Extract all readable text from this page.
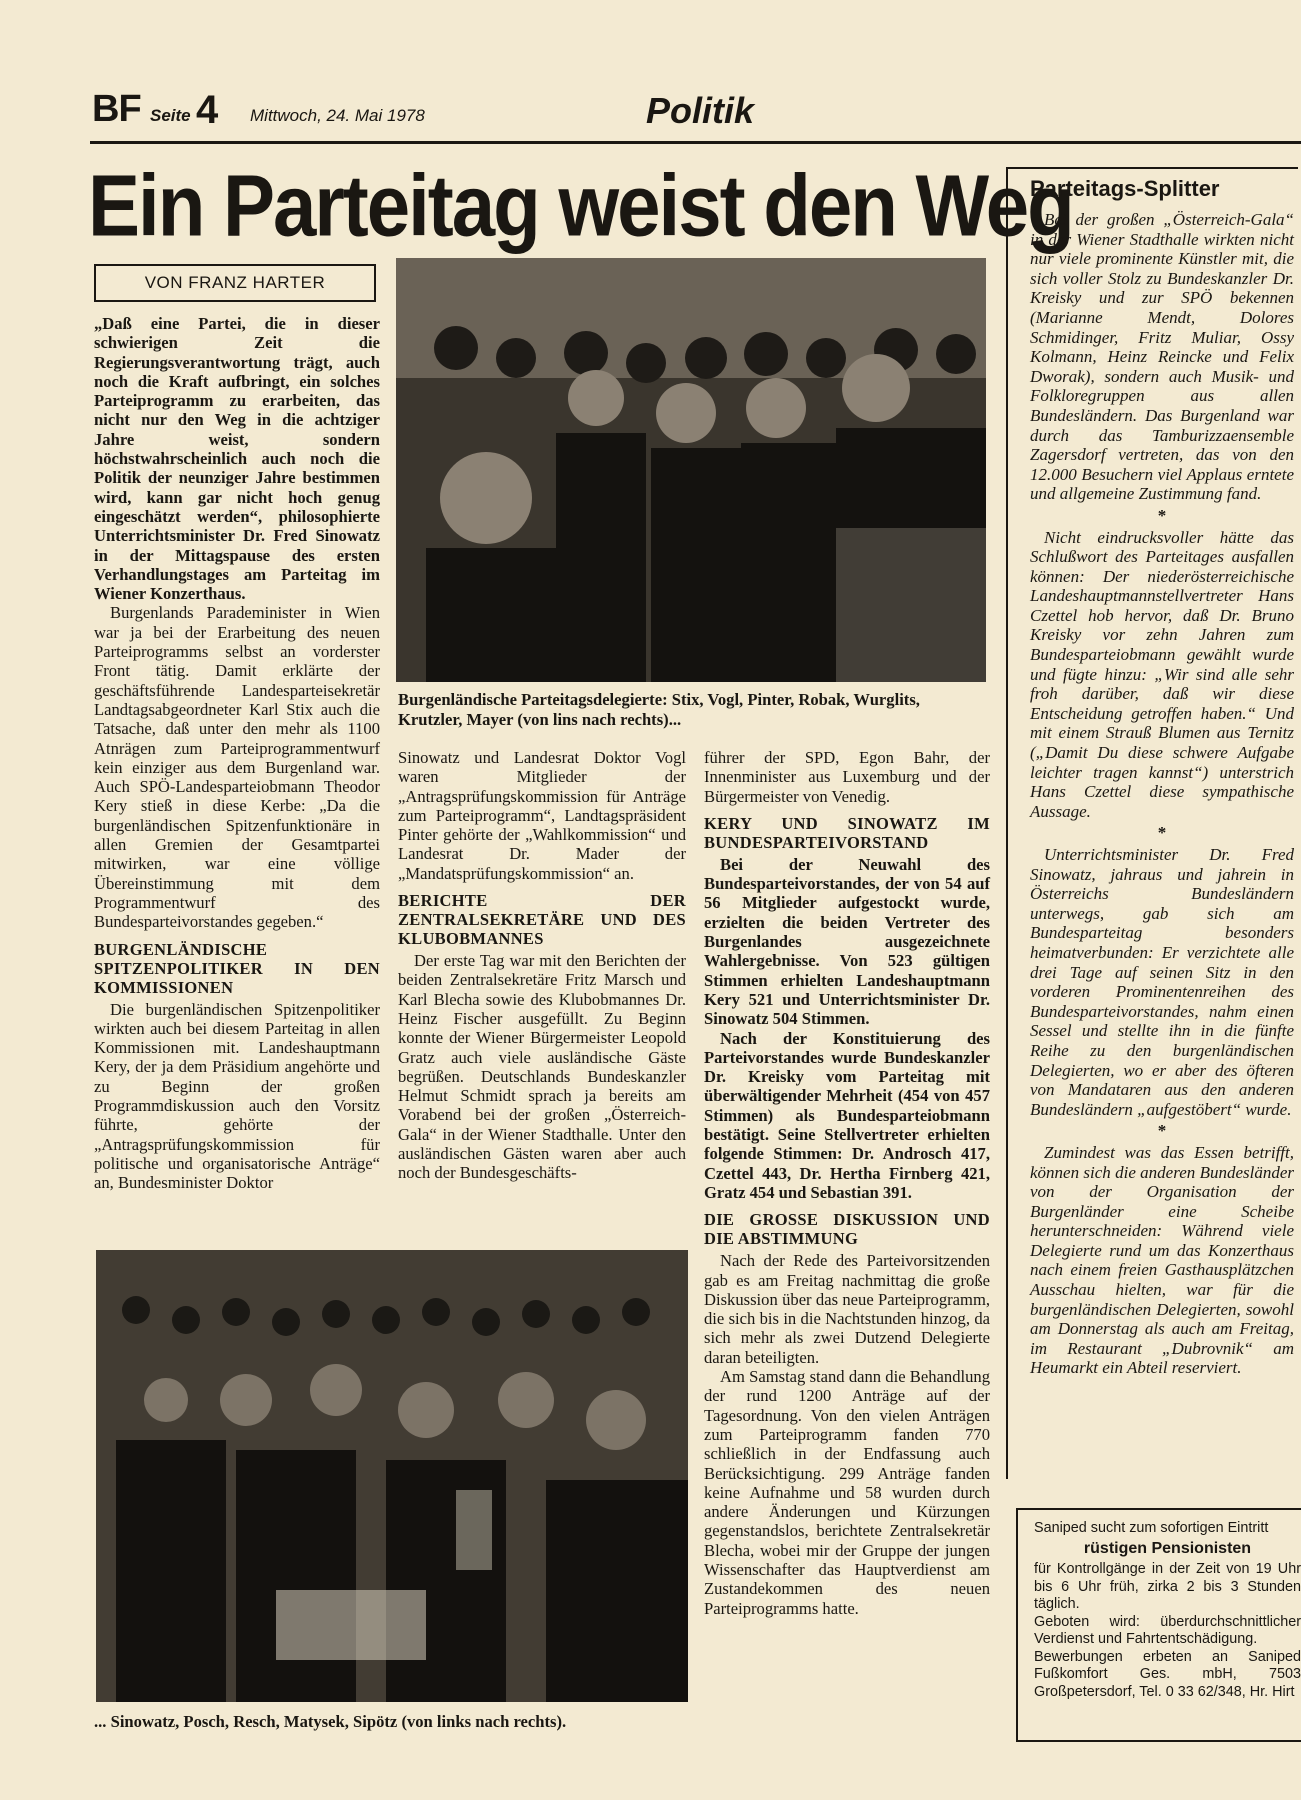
BF Seite 4 Mittwoch, 24. Mai 1978	Politik
Ein Parteitag weist den Weg
VON FRANZ HARTER

„Daß eine Partei, die in dieser schwierigen Zeit die Regierungsverantwortung trägt, auch noch die Kraft aufbringt, ein solches Parteiprogramm zu erarbeiten, das nicht nur den Weg in die achtziger Jahre weist, sondern höchstwahrscheinlich auch noch die Politik der neunziger Jahre bestimmen wird, kann gar nicht hoch genug eingeschätzt werden“, philosophierte Unterrichtsminister Dr. Fred Sinowatz in der Mittagspause des ersten Verhandlungstages am Parteitag im Wiener Konzerthaus.

Burgenlands Parademinister in Wien war ja bei der Erarbeitung des neuen Parteiprogramms selbst an vorderster Front tätig. Damit erklärte der geschäftsführende Landesparteisekretär Landtagsabgeordneter Karl Stix auch die Tatsache, daß unter den mehr als 1100 Atnrägen zum Parteiprogrammentwurf kein einziger aus dem Burgenland war. Auch SPÖ-Landesparteiobmann Theodor Kery stieß in diese Kerbe: „Da die burgenländischen Spitzenfunktionäre in allen Gremien der Gesamtpartei mitwirken, war eine völlige Übereinstimmung mit dem Programmentwurf des Bundesparteivorstandes gegeben.“

BURGENLÄNDISCHE SPITZENPOLITIKER IN DEN KOMMISSIONEN

Die burgenländischen Spitzenpolitiker wirkten auch bei diesem Parteitag in allen Kommissionen mit. Landeshauptmann Kery, der ja dem Präsidium angehörte und zu Beginn der großen Programmdiskussion auch den Vorsitz führte, gehörte der „Antragsprüfungskommission für politische und organisatorische Anträge“ an, Bundesminister Doktor

Burgenländische Parteitagsdelegierte: Stix, Vogl, Pinter, Robak, Wurglits, Krutzler, Mayer (von lins nach rechts)...

Sinowatz und Landesrat Doktor Vogl waren Mitglieder der „Antragsprüfungskommission für Anträge zum Parteiprogramm“, Landtagspräsident Pinter gehörte der „Wahlkommission“ und Landesrat Dr. Mader der „Mandatsprüfungskommission“ an.

BERICHTE DER ZENTRALSEKRETÄRE UND DES KLUBOBMANNES

Der erste Tag war mit den Berichten der beiden Zentralsekretäre Fritz Marsch und Karl Blecha sowie des Klubobmannes Dr. Heinz Fischer ausgefüllt. Zu Beginn konnte der Wiener Bürgermeister Leopold Gratz auch viele ausländische Gäste begrüßen. Deutschlands Bundeskanzler Helmut Schmidt sprach ja bereits am Vorabend bei der großen „Österreich-Gala“ in der Wiener Stadthalle. Unter den ausländischen Gästen waren aber auch noch der Bundesgeschäfts-

führer der SPD, Egon Bahr, der Innenminister aus Luxemburg und der Bürgermeister von Venedig.

KERY UND SINOWATZ IM BUNDESPARTEIVORSTAND

Bei der Neuwahl des Bundesparteivorstandes, der von 54 auf 56 Mitglieder aufgestockt wurde, erzielten die beiden Vertreter des Burgenlandes ausgezeichnete Wahlergebnisse. Von 523 gültigen Stimmen erhielten Landeshauptmann Kery 521 und Unterrichtsminister Dr. Sinowatz 504 Stimmen.

Nach der Konstituierung des Parteivorstandes wurde Bundeskanzler Dr. Kreisky vom Parteitag mit überwältigender Mehrheit (454 von 457 Stimmen) als Bundesparteiobmann bestätigt. Seine Stellvertreter erhielten folgende Stimmen: Dr. Androsch 417, Czettel 443, Dr. Hertha Firnberg 421, Gratz 454 und Sebastian 391.

DIE GROSSE DISKUSSION UND DIE ABSTIMMUNG

Nach der Rede des Parteivorsitzenden gab es am Freitag nachmittag die große Diskussion über das neue Parteiprogramm, die sich bis in die Nachtstunden hinzog, da sich mehr als zwei Dutzend Delegierte daran beteiligten.

Am Samstag stand dann die Behandlung der rund 1200 Anträge auf der Tagesordnung. Von den vielen Anträgen zum Parteiprogramm fanden 770 schließlich in der Endfassung auch Berücksichtigung. 299 Anträge fanden keine Aufnahme und 58 wurden durch andere Änderungen und Kürzungen gegenstandslos, berichtete Zentralsekretär Blecha, wobei mir der Gruppe der jungen Wissenschafter das Hauptverdienst am Zustandekommen des neuen Parteiprogramms hatte.

... Sinowatz, Posch, Resch, Matysek, Sipötz (von links nach rechts).
Parteitags-Splitter

Bei der großen „Österreich-Gala“ in der Wiener Stadthalle wirkten nicht nur viele prominente Künstler mit, die sich voller Stolz zu Bundeskanzler Dr. Kreisky und zur SPÖ bekennen (Marianne Mendt, Dolores Schmidinger, Fritz Muliar, Ossy Kolmann, Heinz Reincke und Felix Dworak), sondern auch Musik- und Folkloregruppen aus allen Bundesländern. Das Burgenland war durch das Tamburizzaensemble Zagersdorf vertreten, das von den 12.000 Besuchern viel Applaus erntete und allgemeine Zustimmung fand.

*

Nicht eindrucksvoller hätte das Schlußwort des Parteitages ausfallen können: Der niederösterreichische Landeshauptmannstellvertreter Hans Czettel hob hervor, daß Dr. Bruno Kreisky vor zehn Jahren zum Bundesparteiobmann gewählt wurde und fügte hinzu: „Wir sind alle sehr froh darüber, daß wir diese Entscheidung getroffen haben.“ Und mit einem Strauß Blumen aus Ternitz („Damit Du diese schwere Aufgabe leichter tragen kannst“) unterstrich Hans Czettel diese sympathische Aussage.

*

Unterrichtsminister Dr. Fred Sinowatz, jahraus und jahrein in Österreichs Bundesländern unterwegs, gab sich am Bundesparteitag besonders heimatverbunden: Er verzichtete alle drei Tage auf seinen Sitz in den vorderen Prominentenreihen des Bundesparteivorstandes, nahm einen Sessel und stellte ihn in die fünfte Reihe zu den burgenländischen Delegierten, wo er aber des öfteren von Mandataren aus den anderen Bundesländern „aufgestöbert“ wurde.

*

Zumindest was das Essen betrifft, können sich die anderen Bundesländer von der Organisation der Burgenländer eine Scheibe herunterschneiden: Während viele Delegierte rund um das Konzerthaus nach einem freien Gasthausplätzchen Ausschau hielten, war für die burgenländischen Delegierten, sowohl am Donnerstag als auch am Freitag, im Restaurant „Dubrovnik“ am Heumarkt ein Abteil reserviert.

Saniped sucht zum sofortigen Eintritt
rüstigen Pensionisten
für Kontrollgänge in der Zeit von 19 Uhr bis 6 Uhr früh, zirka 2 bis 3 Stunden täglich.
Geboten wird: überdurchschnittlicher Verdienst und Fahrtentschädigung.
Bewerbungen erbeten an Saniped Fußkomfort Ges. mbH, 7503 Großpetersdorf, Tel. 0 33 62/348, Hr. Hirt
